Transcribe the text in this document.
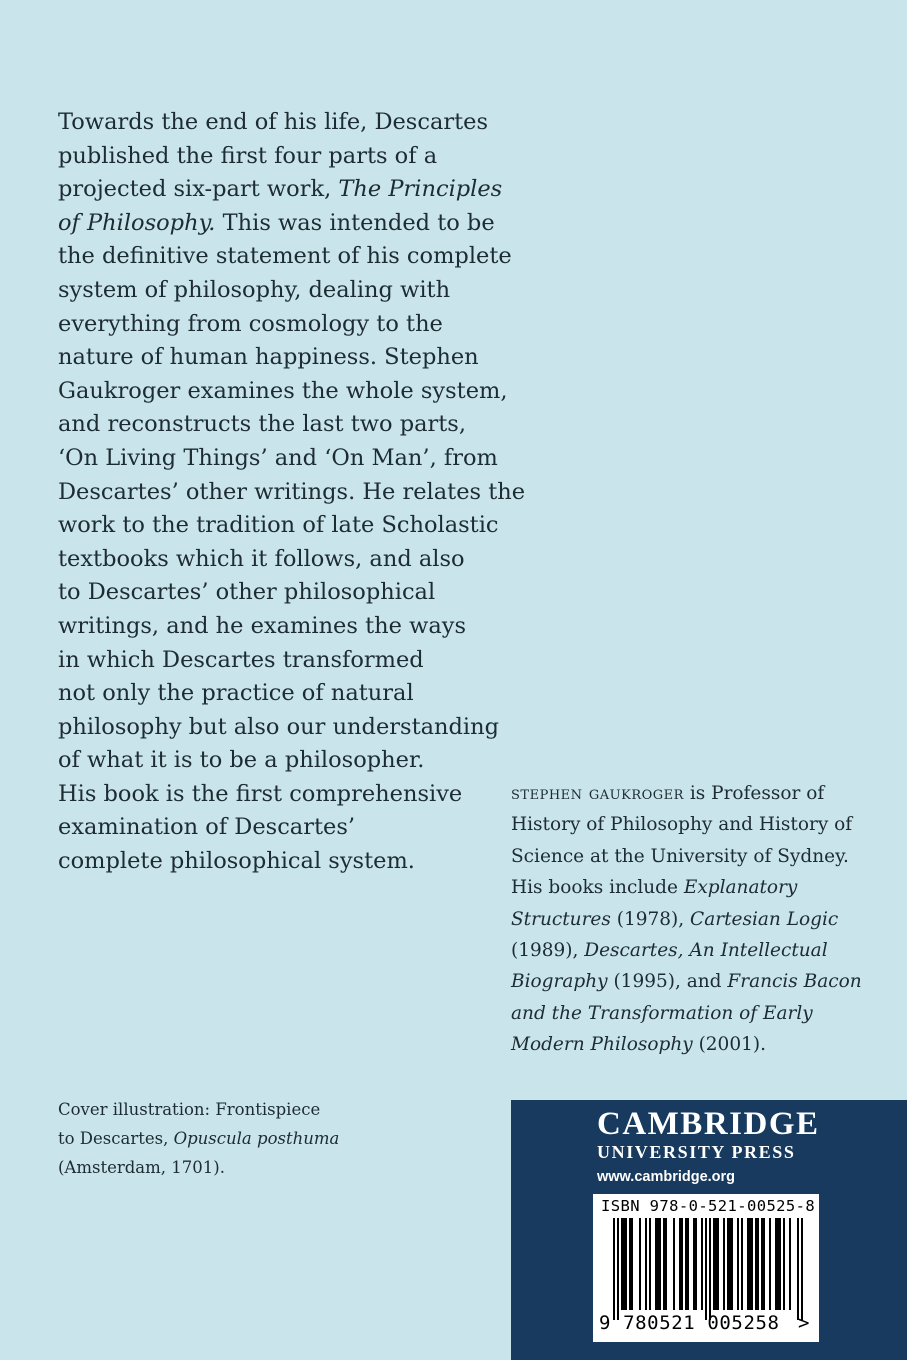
Towards the end of his life, Descartes
published the first four parts of a
projected six-part work, The Principles
of Philosophy. This was intended to be
the definitive statement of his complete
system of philosophy, dealing with
everything from cosmology to the
nature of human happiness. Stephen
Gaukroger examines the whole system,
and reconstructs the last two parts,
‘On Living Things’ and ‘On Man’, from
Descartes’ other writings. He relates the
work to the tradition of late Scholastic
textbooks which it follows, and also
to Descartes’ other philosophical
writings, and he examines the ways
in which Descartes transformed
not only the practice of natural
philosophy but also our understanding
of what it is to be a philosopher.
His book is the first comprehensive
examination of Descartes’
complete philosophical system.
stephen gaukroger is Professor of
History of Philosophy and History of
Science at the University of Sydney.
His books include Explanatory
Structures (1978), Cartesian Logic
(1989), Descartes, An Intellectual
Biography (1995), and Francis Bacon
and the Transformation of Early
Modern Philosophy (2001).
Cover illustration: Frontispiece
to Descartes, Opuscula posthuma
(Amsterdam, 1701).

CAMBRIDGE

UNIVERSITY PRESS

www.cambridge.org

ISBN 978-0-521-00525-8

9 780521 005258 >
